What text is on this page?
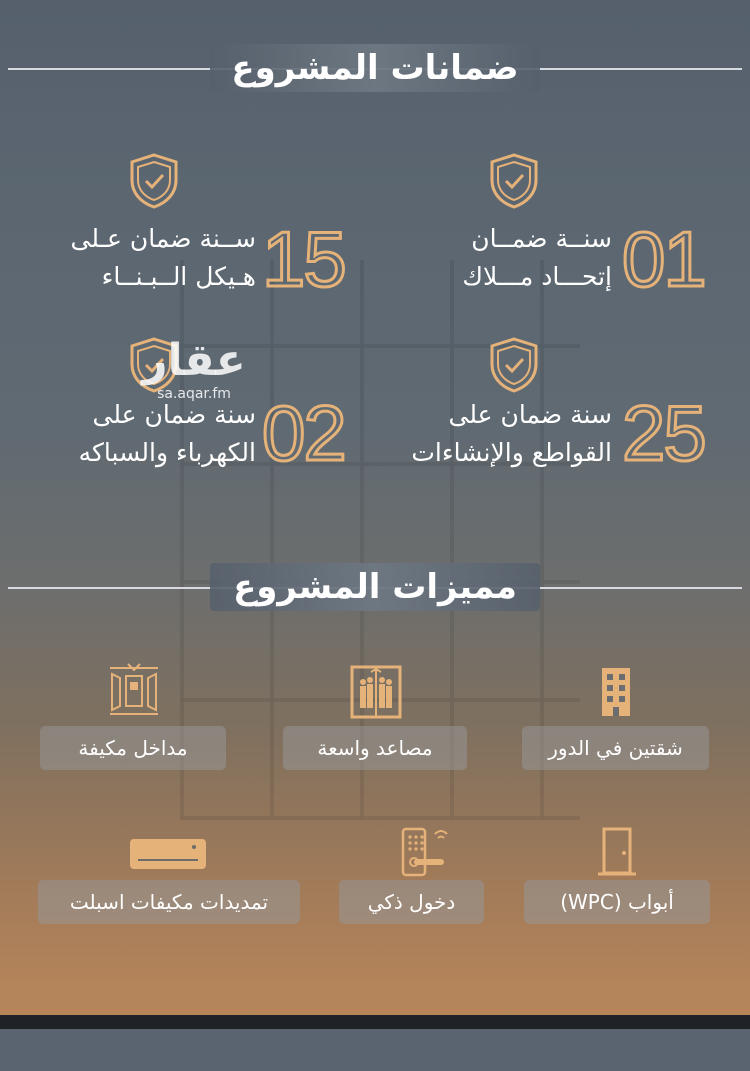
ضمانات المشروع
01
سنــة ضمــان
إتحـــاد مـــلاك
15
ســنة ضمان عـلى
هـيكل الــبـنــاء
25
سنة ضمان على
القواطع والإنشاءات
02
سنة ضمان على
الكهرباء والسباكه
عقار
sa.aqar.fm
مميزات المشروع
شقتين في الدور
مصاعد واسعة
مداخل مكيفة
أبواب (WPC)
دخول ذكي
تمديدات مكيفات اسبلت
